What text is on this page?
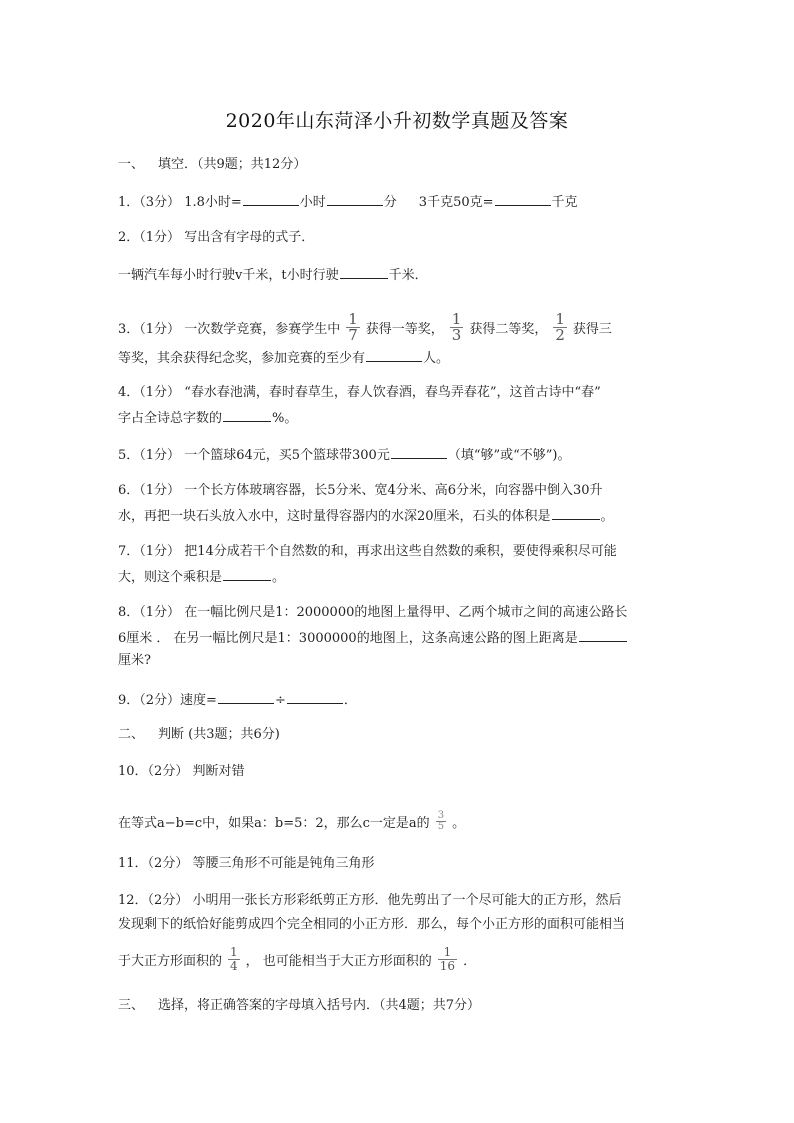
2020年山东菏泽小升初数学真题及答案
一、 填空．（共9题；共12分）
1．（3分） 1.8小时=	小时	分 3千克50克=	千克
2．（1分） 写出含有字母的式子．
一辆汽车每小时行驶v千米，t小时行驶	千米．
3．（1分） 一次数学竞赛，参赛学生中 $\frac{1}{7}$ 获得一等奖， $\frac{1}{3}$ 获得二等奖， $\frac{1}{2}$ 获得三
等奖，其余获得纪念奖，参加竞赛的至少有	人。
4．（1分） “春水春池满，春时春草生，春人饮春酒，春鸟弄春花”，这首古诗中“春”
字占全诗总字数的	%。
5．（1分） 一个篮球64元，买5个篮球带300元	（填“够”或“不够”)。
6．（1分） 一个长方体玻璃容器，长5分米、宽4分米、高6分米，向容器中倒入30升
水，再把一块石头放入水中，这时量得容器内的水深20厘米，石头的体积是	。
7．（1分） 把14分成若干个自然数的和，再求出这些自然数的乘积，要使得乘积尽可能
大，则这个乘积是	。
8．（1分） 在一幅比例尺是1：2000000的地图上量得甲、乙两个城市之间的高速公路长
6厘米 ． 在另一幅比例尺是1：3000000的地图上，这条高速公路的图上距离是
厘米?
9．（2分）速度=	÷	．
二、 判断 (共3题；共6分)
10．（2分） 判断对错
在等式a−b=c中，如果a：b=5：2，那么c一定是a的 $\frac{3}{5}$ 。
11．（2分） 等腰三角形不可能是钝角三角形
12．（2分） 小明用一张长方形彩纸剪正方形．他先剪出了一个尽可能大的正方形，然后
发现剩下的纸恰好能剪成四个完全相同的小正方形．那么，每个小正方形的面积可能相当
于大正方形面积的 $\frac{1}{4}$ ， 也可能相当于大正方形面积的 $\frac{1}{16}$ ．
三、 选择，将正确答案的字母填入括号内．（共4题；共7分）
